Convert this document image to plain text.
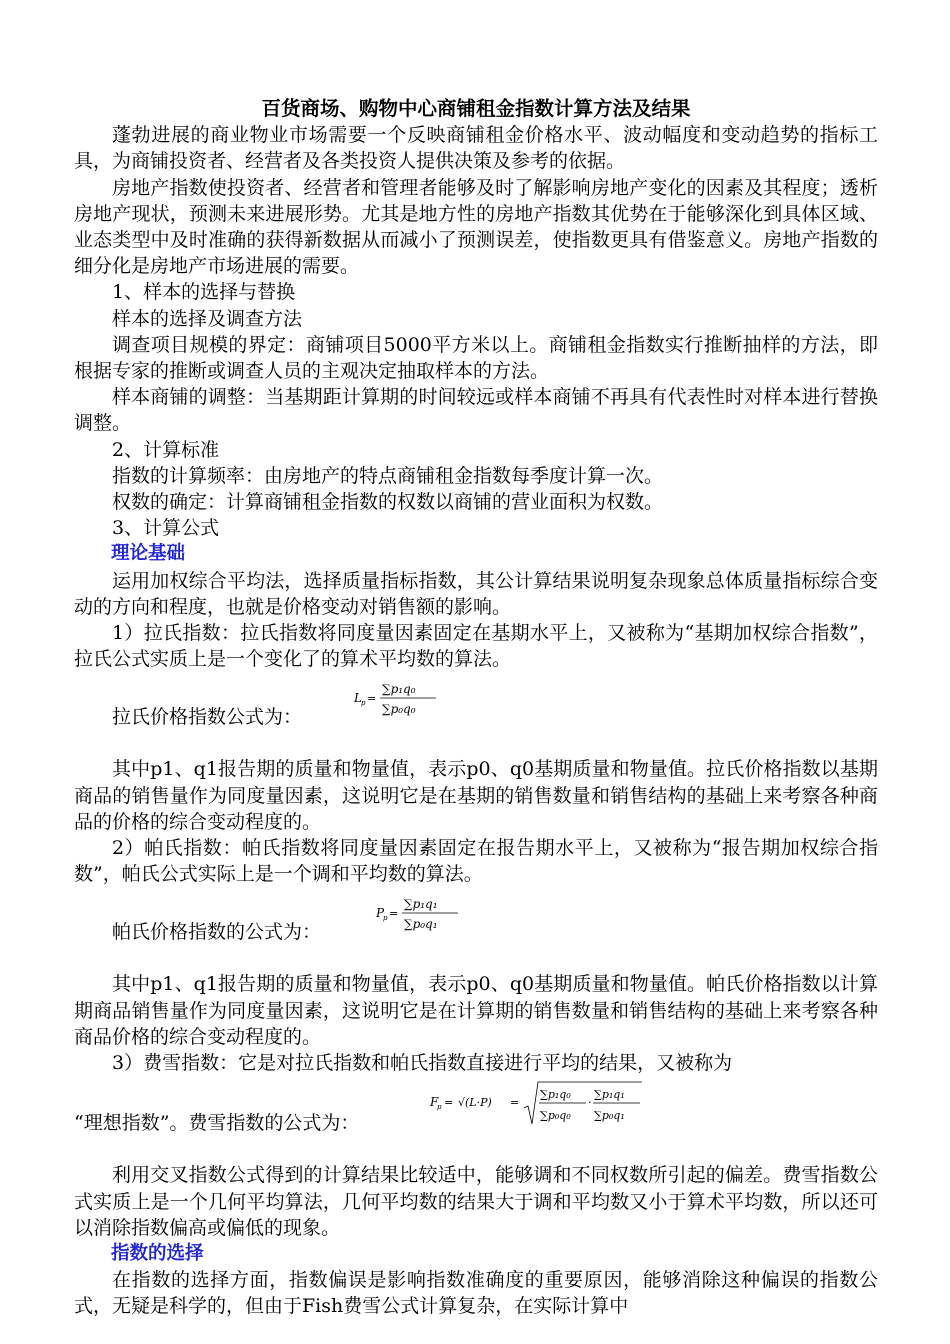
百货商场、购物中心商铺租金指数计算方法及结果

蓬勃进展的商业物业市场需要一个反映商铺租金价格水平、波动幅度和变动趋势的指标工具，为商铺投资者、经营者及各类投资人提供决策及参考的依据。

房地产指数使投资者、经营者和管理者能够及时了解影响房地产变化的因素及其程度；透析房地产现状，预测未来进展形势。尤其是地方性的房地产指数其优势在于能够深化到具体区域、业态类型中及时准确的获得新数据从而减小了预测误差，使指数更具有借鉴意义。房地产指数的细分化是房地产市场进展的需要。

1、样本的选择与替换

样本的选择及调查方法

调查项目规模的界定：商铺项目5000平方米以上。商铺租金指数实行推断抽样的方法，即根据专家的推断或调查人员的主观决定抽取样本的方法。

样本商铺的调整：当基期距计算期的时间较远或样本商铺不再具有代表性时对样本进行替换调整。

2、计算标准

指数的计算频率：由房地产的特点商铺租金指数每季度计算一次。

权数的确定：计算商铺租金指数的权数以商铺的营业面积为权数。

3、计算公式

理论基础

运用加权综合平均法，选择质量指标指数，其公计算结果说明复杂现象总体质量指标综合变动的方向和程度，也就是价格变动对销售额的影响。

1）拉氏指数：拉氏指数将同度量因素固定在基期水平上，又被称为“基期加权综合指数”，拉氏公式实质上是一个变化了的算术平均数的算法。

拉氏价格指数公式为：
L p =
∑p₁q₀
∑p₀q₀

其中p1、q1报告期的质量和物量值，表示p0、q0基期质量和物量值。拉氏价格指数以基期商品的销售量作为同度量因素，这说明它是在基期的销售数量和销售结构的基础上来考察各种商品的价格的综合变动程度的。

2）帕氏指数：帕氏指数将同度量因素固定在报告期水平上，又被称为“报告期加权综合指数”，帕氏公式实际上是一个调和平均数的算法。

帕氏价格指数的公式为：
P
p =
∑p₁q₁
∑p₀q₁

其中p1、q1报告期的质量和物量值，表示p0、q0基期质量和物量值。帕氏价格指数以计算期商品销售量作为同度量因素，这说明它是在计算期的销售数量和销售结构的基础上来考察各种商品价格的综合变动程度的。

3）费雪指数：它是对拉氏指数和帕氏指数直接进行平均的结果，又被称为

“理想指数”。费雪指数的公式为：
F
p = √(L·P) =
∑p₁q₀
∑p₀q₀
·
∑p₁q₁
∑p₀q₁

利用交叉指数公式得到的计算结果比较适中，能够调和不同权数所引起的偏差。费雪指数公式实质上是一个几何平均算法，几何平均数的结果大于调和平均数又小于算术平均数，所以还可以消除指数偏高或偏低的现象。

指数的选择

在指数的选择方面，指数偏误是影响指数准确度的重要原因，能够消除这种偏误的指数公式，无疑是科学的，但由于Fish费雪公式计算复杂，在实际计算中
